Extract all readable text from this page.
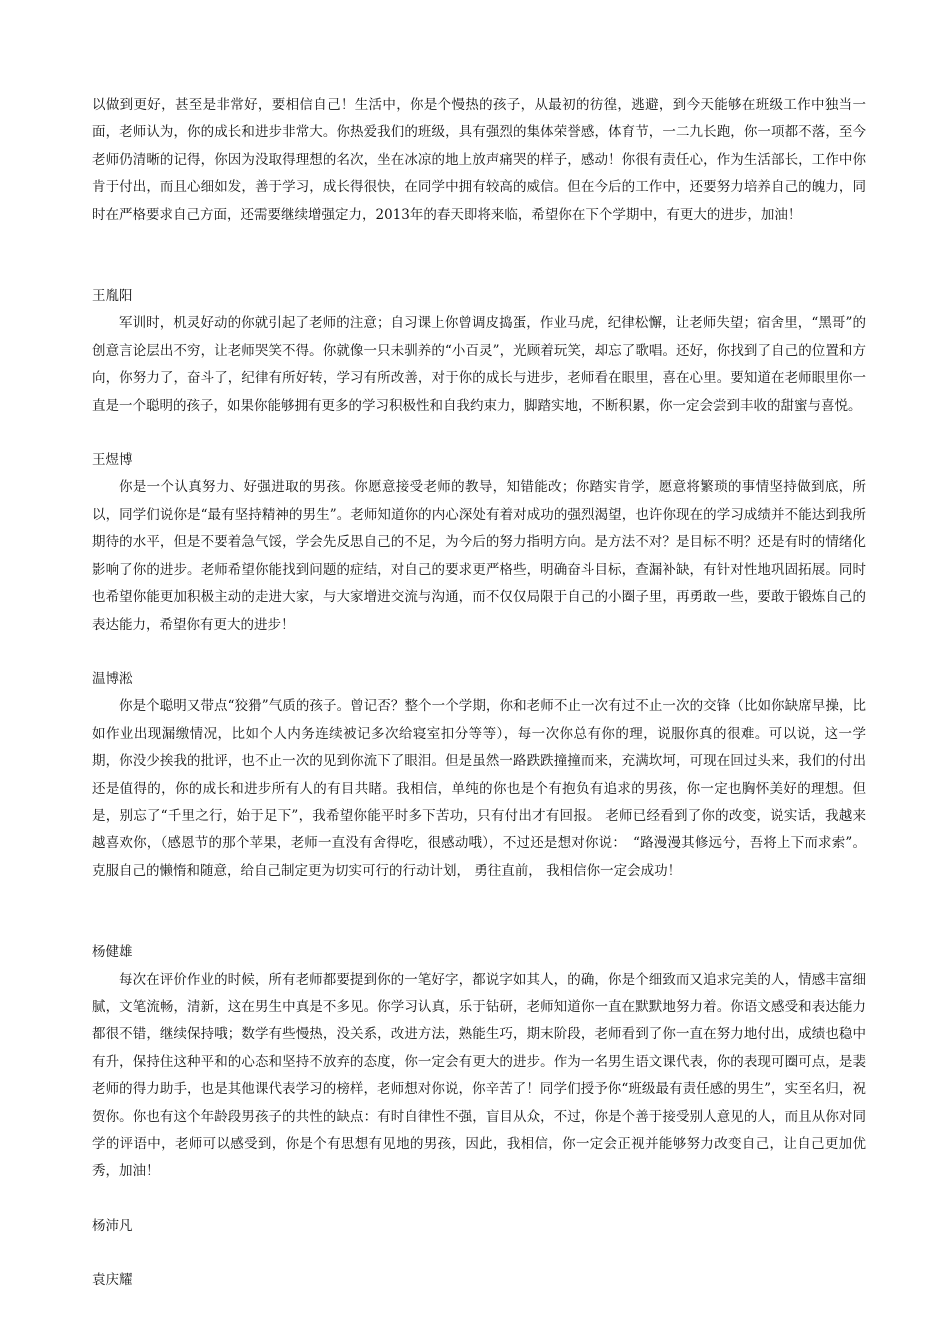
以做到更好，甚至是非常好，要相信自己！生活中，你是个慢热的孩子，从最初的彷徨，逃避，到今天能够在班级工作中独当一面，老师认为，你的成长和进步非常大。你热爱我们的班级，具有强烈的集体荣誉感，体育节，一二九长跑，你一项都不落，至今老师仍清晰的记得，你因为没取得理想的名次，坐在冰凉的地上放声痛哭的样子，感动！你很有责任心，作为生活部长，工作中你肯于付出，而且心细如发，善于学习，成长得很快，在同学中拥有较高的威信。但在今后的工作中，还要努力培养自己的魄力，同时在严格要求自己方面，还需要继续增强定力，2013年的春天即将来临，希望你在下个学期中，有更大的进步，加油！

王胤阳

军训时，机灵好动的你就引起了老师的注意；自习课上你曾调皮捣蛋，作业马虎，纪律松懈，让老师失望；宿舍里，“黑哥”的创意言论层出不穷，让老师哭笑不得。你就像一只未驯养的“小百灵”，光顾着玩笑，却忘了歌唱。还好，你找到了自己的位置和方向，你努力了，奋斗了，纪律有所好转，学习有所改善，对于你的成长与进步，老师看在眼里，喜在心里。要知道在老师眼里你一直是一个聪明的孩子，如果你能够拥有更多的学习积极性和自我约束力，脚踏实地，不断积累，你一定会尝到丰收的甜蜜与喜悦。

王煜博

你是一个认真努力、好强进取的男孩。你愿意接受老师的教导，知错能改；你踏实肯学，愿意将繁琐的事情坚持做到底，所以，同学们说你是“最有坚持精神的男生”。老师知道你的内心深处有着对成功的强烈渴望，也许你现在的学习成绩并不能达到我所期待的水平，但是不要着急气馁，学会先反思自己的不足，为今后的努力指明方向。是方法不对？是目标不明？还是有时的情绪化影响了你的进步。老师希望你能找到问题的症结，对自己的要求更严格些，明确奋斗目标，查漏补缺，有针对性地巩固拓展。同时也希望你能更加积极主动的走进大家，与大家增进交流与沟通，而不仅仅局限于自己的小圈子里，再勇敢一些，要敢于锻炼自己的表达能力，希望你有更大的进步！

温博淞

你是个聪明又带点“狡猾”气质的孩子。曾记否？整个一个学期，你和老师不止一次有过不止一次的交锋（比如你缺席早操，比如作业出现漏缴情况，比如个人内务连续被记多次给寝室扣分等等），每一次你总有你的理，说服你真的很难。可以说，这一学期，你没少挨我的批评，也不止一次的见到你流下了眼泪。但是虽然一路跌跌撞撞而来，充满坎坷，可现在回过头来，我们的付出还是值得的，你的成长和进步所有人的有目共睹。我相信，单纯的你也是个有抱负有追求的男孩，你一定也胸怀美好的理想。但是，别忘了“千里之行，始于足下”，我希望你能平时多下苦功，只有付出才有回报。 老师已经看到了你的改变，说实话，我越来越喜欢你，（感恩节的那个苹果，老师一直没有舍得吃，很感动哦），不过还是想对你说：　“路漫漫其修远兮，吾将上下而求索”。克服自己的懒惰和随意，给自己制定更为切实可行的行动计划， 勇往直前， 我相信你一定会成功！

杨健雄

每次在评价作业的时候，所有老师都要提到你的一笔好字，都说字如其人，的确，你是个细致而又追求完美的人，情感丰富细腻，文笔流畅，清新，这在男生中真是不多见。你学习认真，乐于钻研，老师知道你一直在默默地努力着。你语文感受和表达能力都很不错，继续保持哦；数学有些慢热，没关系，改进方法，熟能生巧，期末阶段，老师看到了你一直在努力地付出，成绩也稳中有升，保持住这种平和的心态和坚持不放弃的态度，你一定会有更大的进步。作为一名男生语文课代表，你的表现可圈可点，是裴老师的得力助手，也是其他课代表学习的榜样，老师想对你说，你辛苦了！同学们授予你“班级最有责任感的男生”，实至名归，祝贺你。你也有这个年龄段男孩子的共性的缺点：有时自律性不强，盲目从众，不过，你是个善于接受别人意见的人，而且从你对同学的评语中，老师可以感受到，你是个有思想有见地的男孩，因此，我相信，你一定会正视并能够努力改变自己，让自己更加优秀，加油！

杨沛凡
袁庆耀
